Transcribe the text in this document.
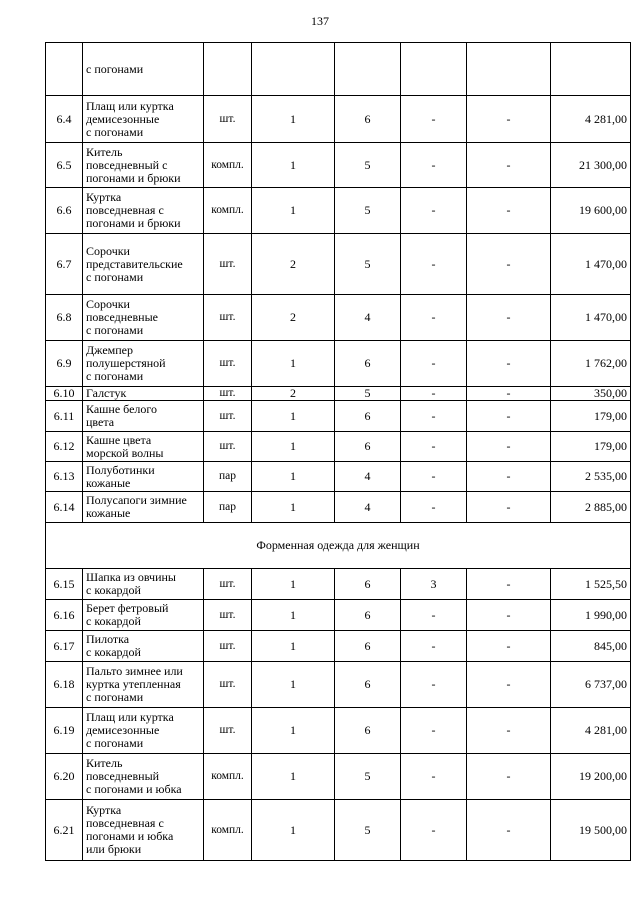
137

	с погонами						

6.4	Плащ или куртка
демисезонные
с погонами	шт.	1	6	-	-	4 281,00
6.5	Китель
повседневный с
погонами и брюки	компл.	1	5	-	-	21 300,00
6.6	Куртка
повседневная с
погонами и брюки	компл.	1	5	-	-	19 600,00
6.7	Сорочки
представительские
с погонами	шт.	2	5	-	-	1 470,00
6.8	Сорочки
повседневные
с погонами	шт.	2	4	-	-	1 470,00
6.9	Джемпер
полушерстяной
с погонами	шт.	1	6	-	-	1 762,00
6.10	Галстук	шт.	2	5	-	-	350,00
6.11	Кашне белого
цвета	шт.	1	6	-	-	179,00
6.12	Кашне цвета
морской волны	шт.	1	6	-	-	179,00
6.13	Полуботинки
кожаные	пар	1	4	-	-	2 535,00
6.14	Полусапоги зимние
кожаные	пар	1	4	-	-	2 885,00
Форменная одежда для женщин							
6.15	Шапка из овчины
с кокардой	шт.	1	6	3	-	1 525,50
6.16	Берет фетровый
с кокардой	шт.	1	6	-	-	1 990,00
6.17	Пилотка
с кокардой	шт.	1	6	-	-	845,00
6.18	Пальто зимнее или
куртка утепленная
с погонами	шт.	1	6	-	-	6 737,00
6.19	Плащ или куртка
демисезонные
с погонами	шт.	1	6	-	-	4 281,00
6.20	Китель
повседневный
с погонами и юбка	компл.	1	5	-	-	19 200,00
6.21	Куртка
повседневная с
погонами и юбка
или брюки	компл.	1	5	-	-	19 500,00
